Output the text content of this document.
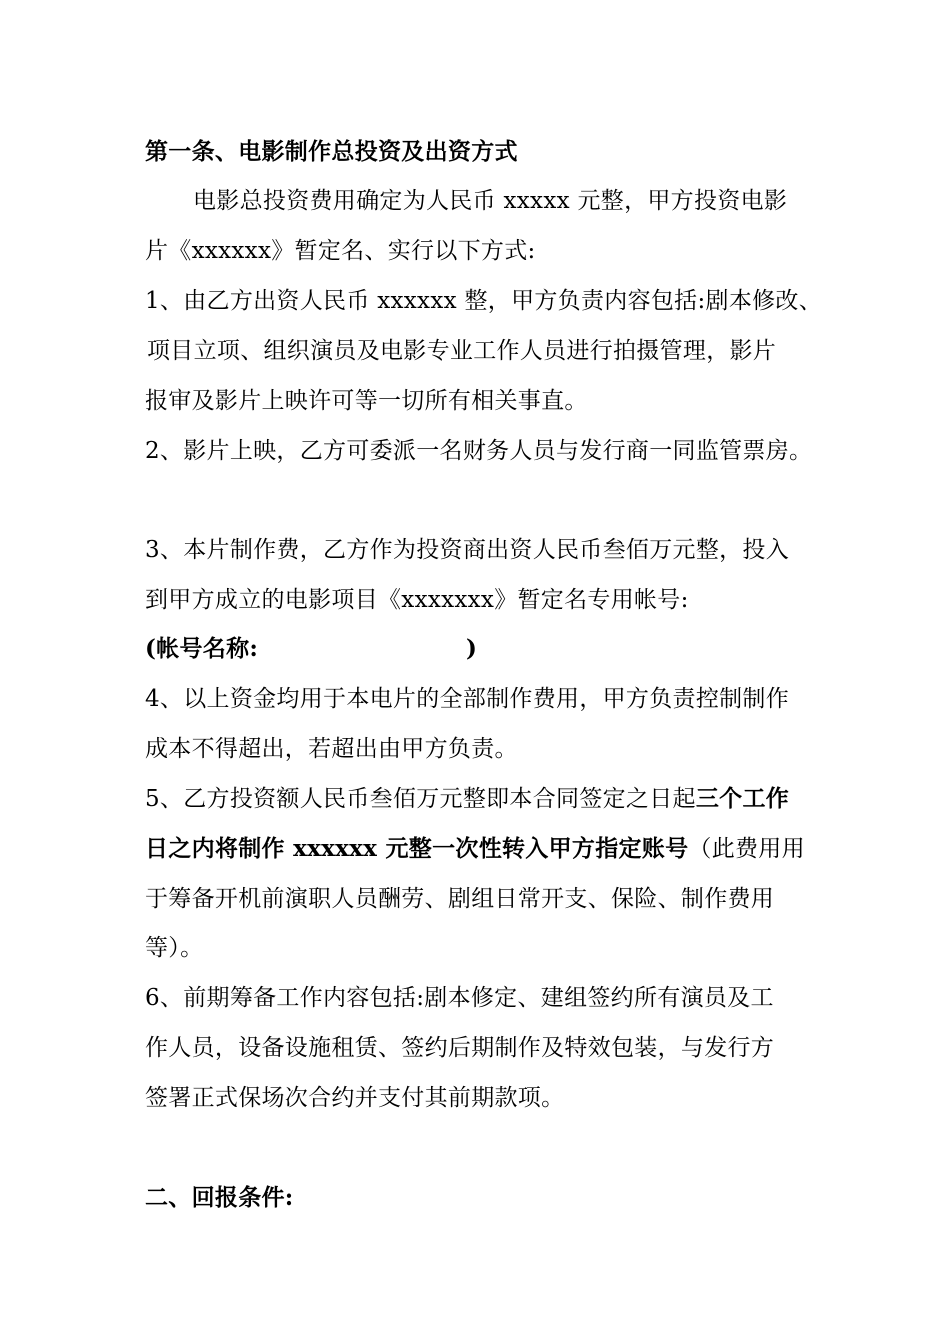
第一条、电影制作总投资及出资方式
电影总投资费用确定为人民币 xxxxx 元整，甲方投资电影
片《xxxxxx》暂定名、实行以下方式:
1、由乙方出资人民币 xxxxxx 整，甲方负责内容包括:剧本修改、
项目立项、组织演员及电影专业工作人员进行拍摄管理，影片
报审及影片上映许可等一切所有相关事直。
2、影片上映，乙方可委派一名财务人员与发行商一同监管票房。
3、本片制作费，乙方作为投资商出资人民币叁佰万元整，投入
到甲方成立的电影项目《xxxxxxx》暂定名专用帐号:
(帐号名称:	)
4、以上资金均用于本电片的全部制作费用，甲方负责控制制作
成本不得超出，若超出由甲方负责。
5、乙方投资额人民币叁佰万元整即本合同签定之日起三个工作
日之内将制作 xxxxxx 元整一次性转入甲方指定账号（此费用用
于筹备开机前演职人员酬劳、剧组日常开支、保险、制作费用
等）。
6、前期筹备工作内容包括:剧本修定、建组签约所有演员及工
作人员，设备设施租赁、签约后期制作及特效包装，与发行方
签署正式保场次合约并支付其前期款项。
二、回报条件:
